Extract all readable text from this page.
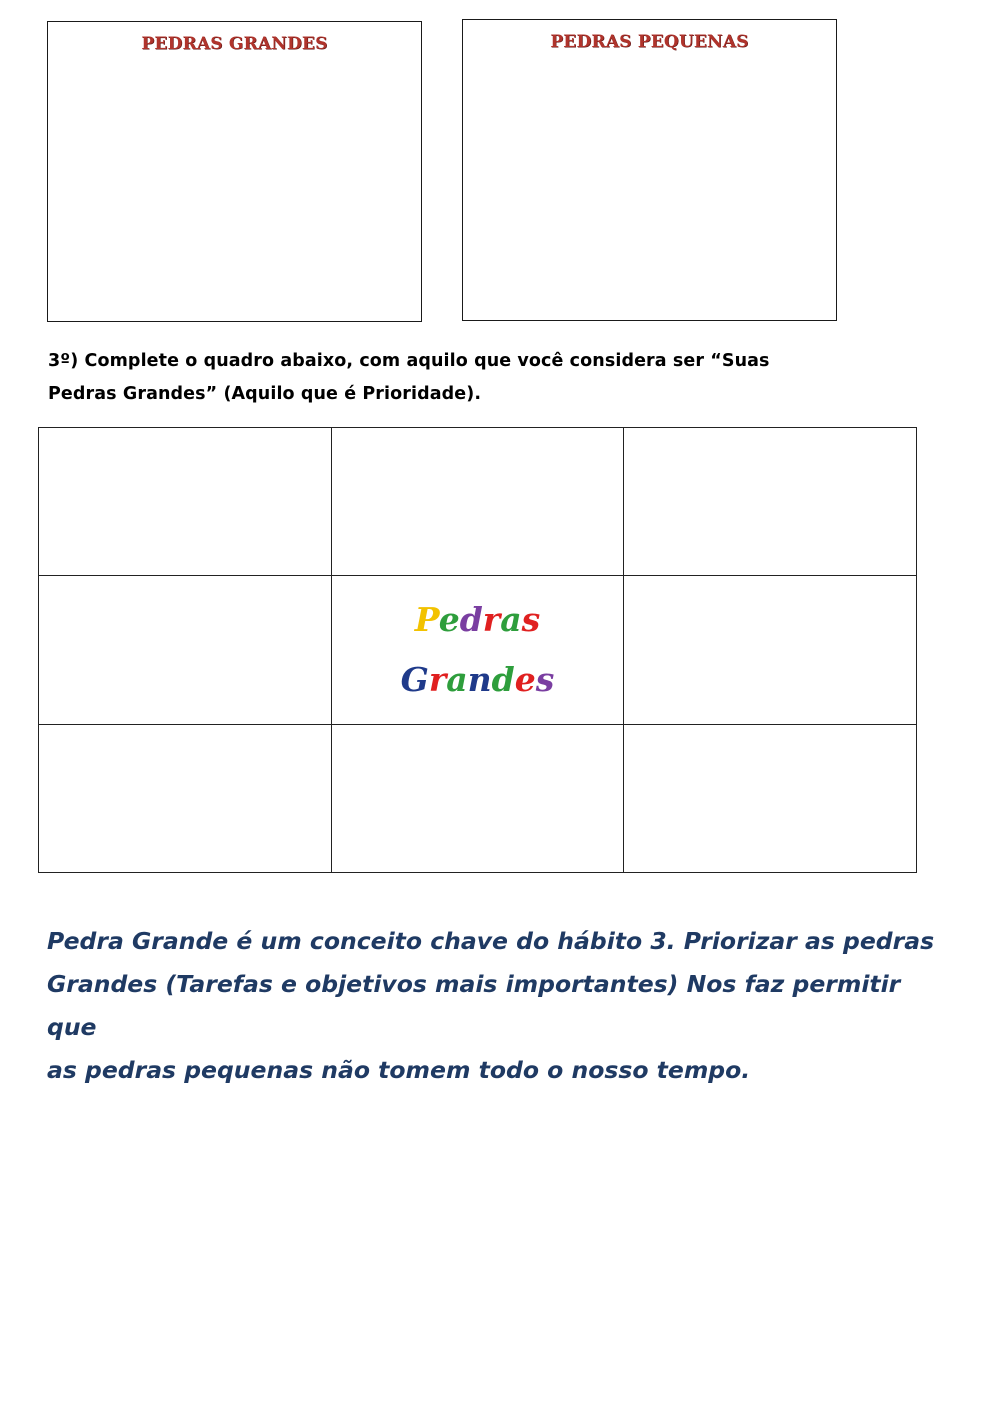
PEDRAS GRANDES	PEDRAS PEQUENAS
3º) Complete o quadro abaixo, com aquilo que você considera ser “Suas
Pedras Grandes” (Aquilo que é Prioridade).

	Pedras
Grandes	

Pedra Grande é um conceito chave do hábito 3. Priorizar as pedras
Grandes (Tarefas e objetivos mais importantes) Nos faz permitir que
as pedras pequenas não tomem todo o nosso tempo.
